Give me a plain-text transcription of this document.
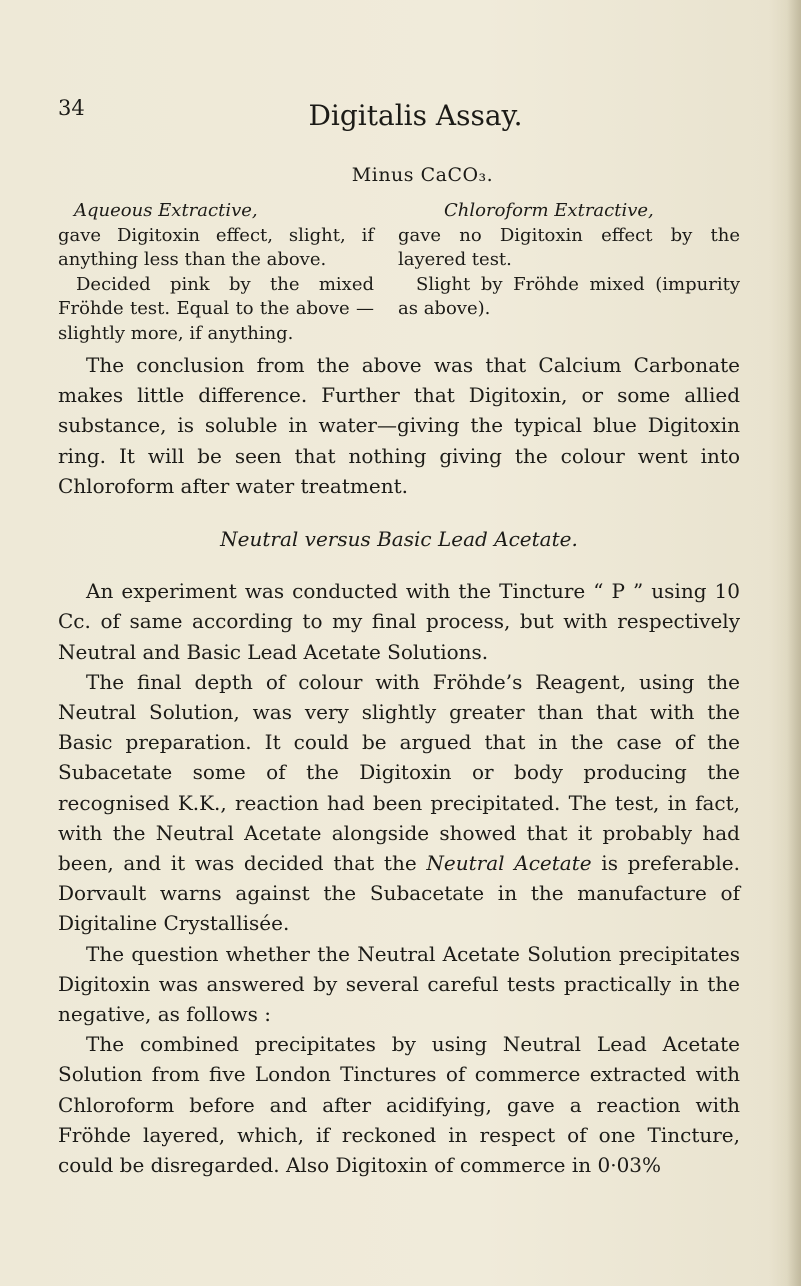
34	Digitalis Assay.
Minus CaCO₃.
Aqueous Extractive,

gave Digitoxin effect, slight, if anything less than the above.

Decided pink by the mixed Fröhde test. Equal to the above —slightly more, if anything.

Chloroform Extractive,

gave no Digitoxin effect by the layered test.

Slight by Fröhde mixed (impurity as above).

The conclusion from the above was that Calcium Carbonate makes little difference. Further that Digitoxin, or some allied substance, is soluble in water—giving the typical blue Digitoxin ring. It will be seen that nothing giving the colour went into Chloroform after water treatment.

Neutral versus Basic Lead Acetate.

An experiment was conducted with the Tincture “ P ” using 10 Cc. of same according to my final process, but with respectively Neutral and Basic Lead Acetate Solutions.

The final depth of colour with Fröhde’s Reagent, using the Neutral Solution, was very slightly greater than that with the Basic preparation. It could be argued that in the case of the Subacetate some of the Digitoxin or body producing the recognised K.K., reaction had been precipitated. The test, in fact, with the Neutral Acetate alongside showed that it probably had been, and it was decided that the Neutral Acetate is preferable. Dorvault warns against the Subacetate in the manufacture of Digitaline Crystallisée.

The question whether the Neutral Acetate Solution precipitates Digitoxin was answered by several careful tests practically in the negative, as follows :

The combined precipitates by using Neutral Lead Acetate Solution from five London Tinctures of commerce extracted with Chloroform before and after acidifying, gave a reaction with Fröhde layered, which, if reckoned in respect of one Tincture, could be disregarded. Also Digitoxin of commerce in 0·03%
